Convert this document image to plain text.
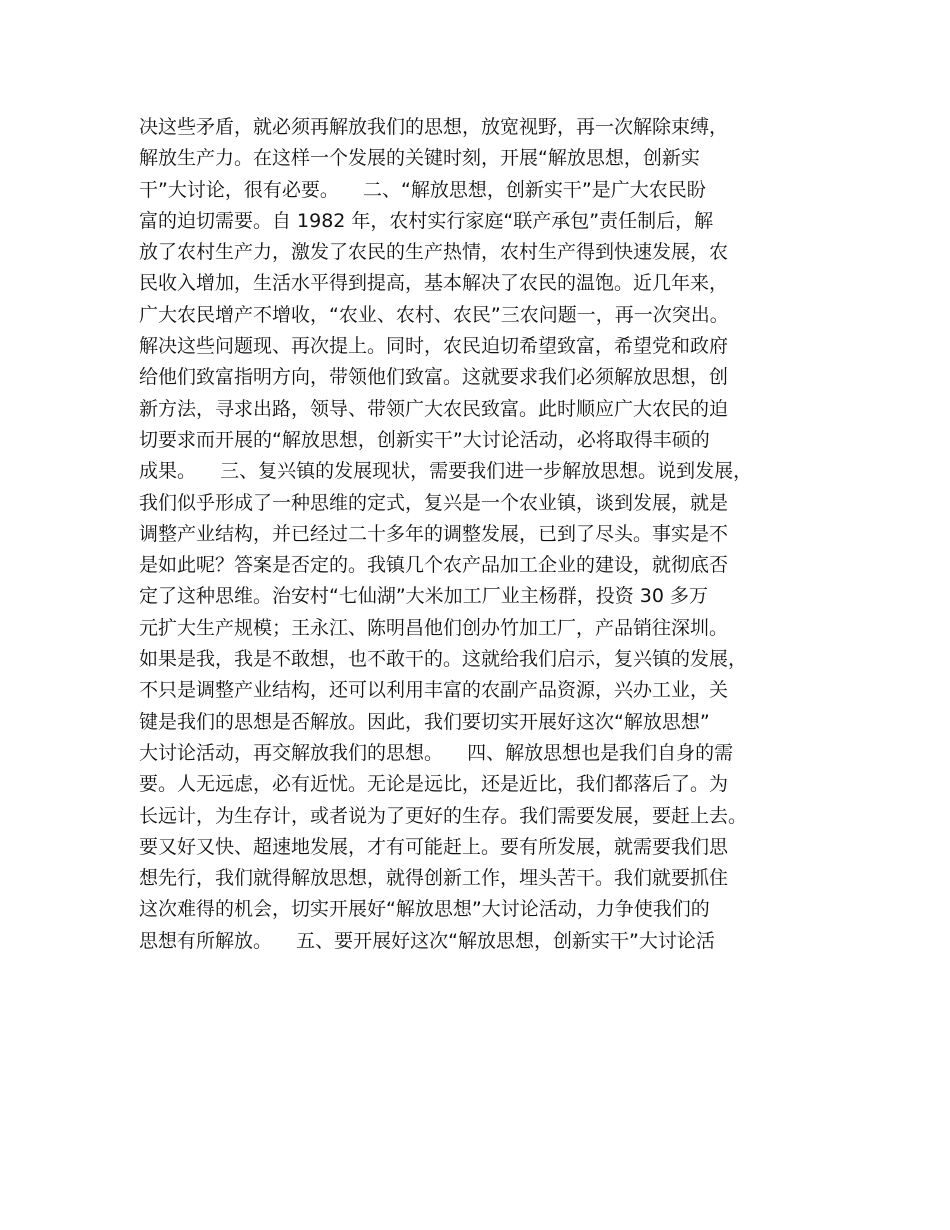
决这些矛盾，就必须再解放我们的思想，放宽视野，再一次解除束缚，
解放生产力。在这样一个发展的关键时刻，开展“解放思想，创新实
干”大讨论，很有必要。    二、“解放思想，创新实干”是广大农民盼
富的迫切需要。自 1982 年，农村实行家庭“联产承包”责任制后，解
放了农村生产力，激发了农民的生产热情，农村生产得到快速发展，农
民收入增加，生活水平得到提高，基本解决了农民的温饱。近几年来，
广大农民增产不增收，“农业、农村、农民”三农问题一，再一次突出。
解决这些问题现、再次提上。同时，农民迫切希望致富，希望党和政府
给他们致富指明方向，带领他们致富。这就要求我们必须解放思想，创
新方法，寻求出路，领导、带领广大农民致富。此时顺应广大农民的迫
切要求而开展的“解放思想，创新实干”大讨论活动，必将取得丰硕的
成果。    三、复兴镇的发展现状，需要我们进一步解放思想。说到发展，
我们似乎形成了一种思维的定式，复兴是一个农业镇，谈到发展，就是
调整产业结构，并已经过二十多年的调整发展，已到了尽头。事实是不
是如此呢？答案是否定的。我镇几个农产品加工企业的建设，就彻底否
定了这种思维。治安村“七仙湖”大米加工厂业主杨群，投资 30 多万
元扩大生产规模；王永江、陈明昌他们创办竹加工厂，产品销往深圳。
如果是我，我是不敢想，也不敢干的。这就给我们启示，复兴镇的发展，
不只是调整产业结构，还可以利用丰富的农副产品资源，兴办工业，关
键是我们的思想是否解放。因此，我们要切实开展好这次“解放思想”
大讨论活动，再交解放我们的思想。    四、解放思想也是我们自身的需
要。人无远虑，必有近忧。无论是远比，还是近比，我们都落后了。为
长远计，为生存计，或者说为了更好的生存。我们需要发展，要赶上去。
要又好又快、超速地发展，才有可能赶上。要有所发展，就需要我们思
想先行，我们就得解放思想，就得创新工作，埋头苦干。我们就要抓住
这次难得的机会，切实开展好“解放思想”大讨论活动，力争使我们的
思想有所解放。    五、要开展好这次“解放思想，创新实干”大讨论活
